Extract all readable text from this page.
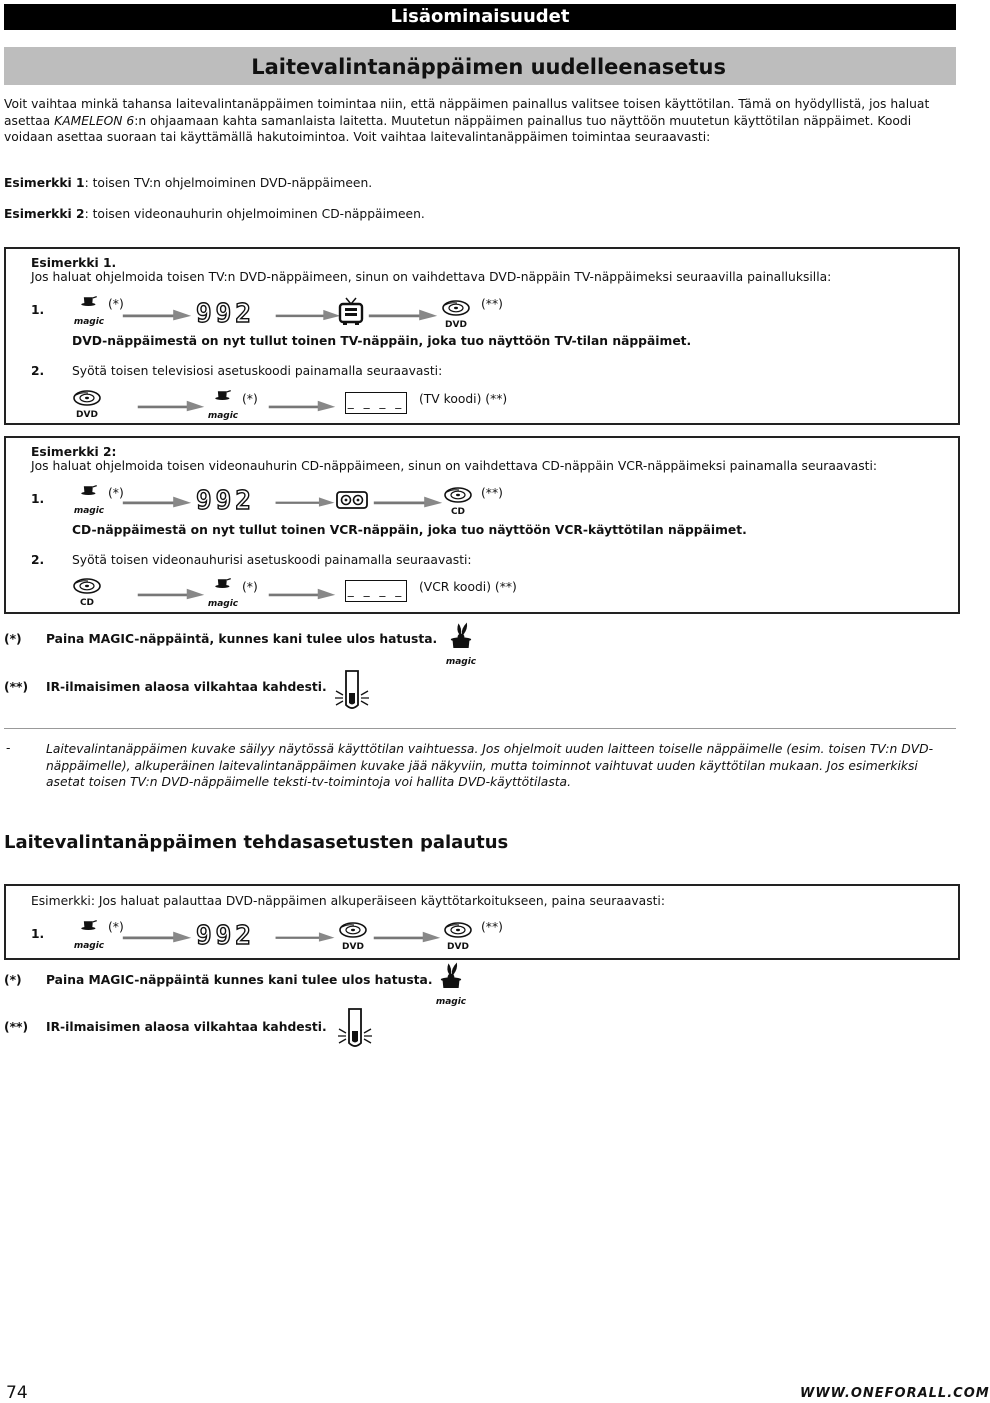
Lisäominaisuudet
Laitevalintanäppäimen uudelleenasetus
Voit vaihtaa minkä tahansa laitevalintanäppäimen toimintaa niin, että näppäimen painallus valitsee toisen käyttötilan. Tämä on hyödyllistä, jos haluat asettaa KAMELEON 6:n ohjaamaan kahta samanlaista laitetta. Muutetun näppäimen painallus tuo näyttöön muutetun käyttötilan näppäimet. Koodi voidaan asettaa suoraan tai käyttämällä hakutoimintoa. Voit vaihtaa laitevalintanäppäimen toimintaa seuraavasti:
Esimerkki 1: toisen TV:n ohjelmoiminen DVD-näppäimeen.
Esimerkki 2: toisen videonauhurin ohjelmoiminen CD-näppäimeen.
Esimerkki 1.
Jos haluat ohjelmoida toisen TV:n DVD-näppäimeen, sinun on vaihdettava DVD-näppäin TV-näppäimeksi seuraavilla painalluksilla:
1.
magic
(*)	992	DVD
(**)
DVD-näppäimestä on nyt tullut toinen TV-näppäin, joka tuo näyttöön TV-tilan näppäimet.
2. Syötä toisen televisiosi asetuskoodi painamalla seuraavasti:
DVD	magic
(*)	_ _ _ _ (TV koodi) (**)
Esimerkki 2:
Jos haluat ohjelmoida toisen videonauhurin CD-näppäimeen, sinun on vaihdettava CD-näppäin VCR-näppäimeksi painamalla seuraavasti:
1.
magic
(*)	992	CD
(**)
CD-näppäimestä on nyt tullut toinen VCR-näppäin, joka tuo näyttöön VCR-käyttötilan näppäimet.
2. Syötä toisen videonauhurisi asetuskoodi painamalla seuraavasti:
CD	magic
(*)	_ _ _ _ (VCR koodi) (**)
(*) Paina MAGIC-näppäintä, kunnes kani tulee ulos hatusta.
magic
(**) IR-ilmaisimen alaosa vilkahtaa kahdesti.
-	Laitevalintanäppäimen kuvake säilyy näytössä käyttötilan vaihtuessa. Jos ohjelmoit uuden laitteen toiselle näppäimelle (esim. toisen TV:n DVD-näppäimelle), alkuperäinen laitevalintanäppäimen kuvake jää näkyviin, mutta toiminnot vaihtuvat uuden käyttötilan mukaan. Jos esimerkiksi asetat toisen TV:n DVD-näppäimelle teksti-tv-toimintoja voi hallita DVD-käyttötilasta.
Laitevalintanäppäimen tehdasasetusten palautus
Esimerkki: Jos haluat palauttaa DVD-näppäimen alkuperäiseen käyttötarkoitukseen, paina seuraavasti:
1.
magic
(*)	992	DVD	DVD
(**)
(*) Paina MAGIC-näppäintä kunnes kani tulee ulos hatusta.
magic
(**) IR-ilmaisimen alaosa vilkahtaa kahdesti.
74	WWW.ONEFORALL.COM
